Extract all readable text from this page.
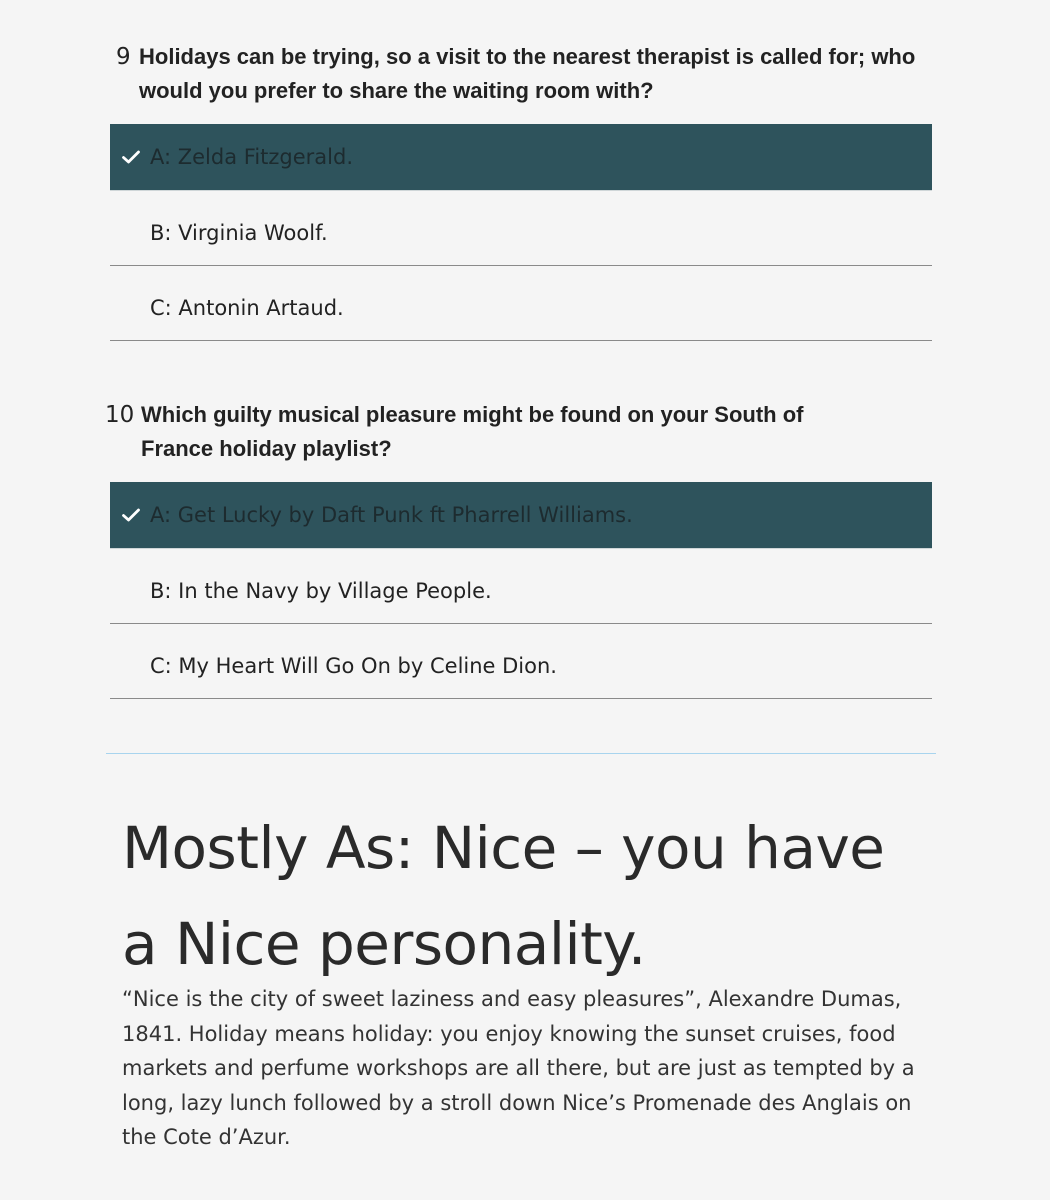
9 Holidays can be trying, so a visit to the nearest therapist is called for; who would you prefer to share the waiting room with?
A: Zelda Fitzgerald.
B: Virginia Woolf.
C: Antonin Artaud.
10 Which guilty musical pleasure might be found on your South of France holiday playlist?
A: Get Lucky by Daft Punk ft Pharrell Williams.
B: In the Navy by Village People.
C: My Heart Will Go On by Celine Dion.
Mostly As: Nice – you have a Nice personality.

“Nice is the city of sweet laziness and easy pleasures”, Alexandre Dumas, 1841. Holiday means holiday: you enjoy knowing the sunset cruises, food markets and perfume workshops are all there, but are just as tempted by a long, lazy lunch followed by a stroll down Nice’s Promenade des Anglais on the Cote d’Azur.
